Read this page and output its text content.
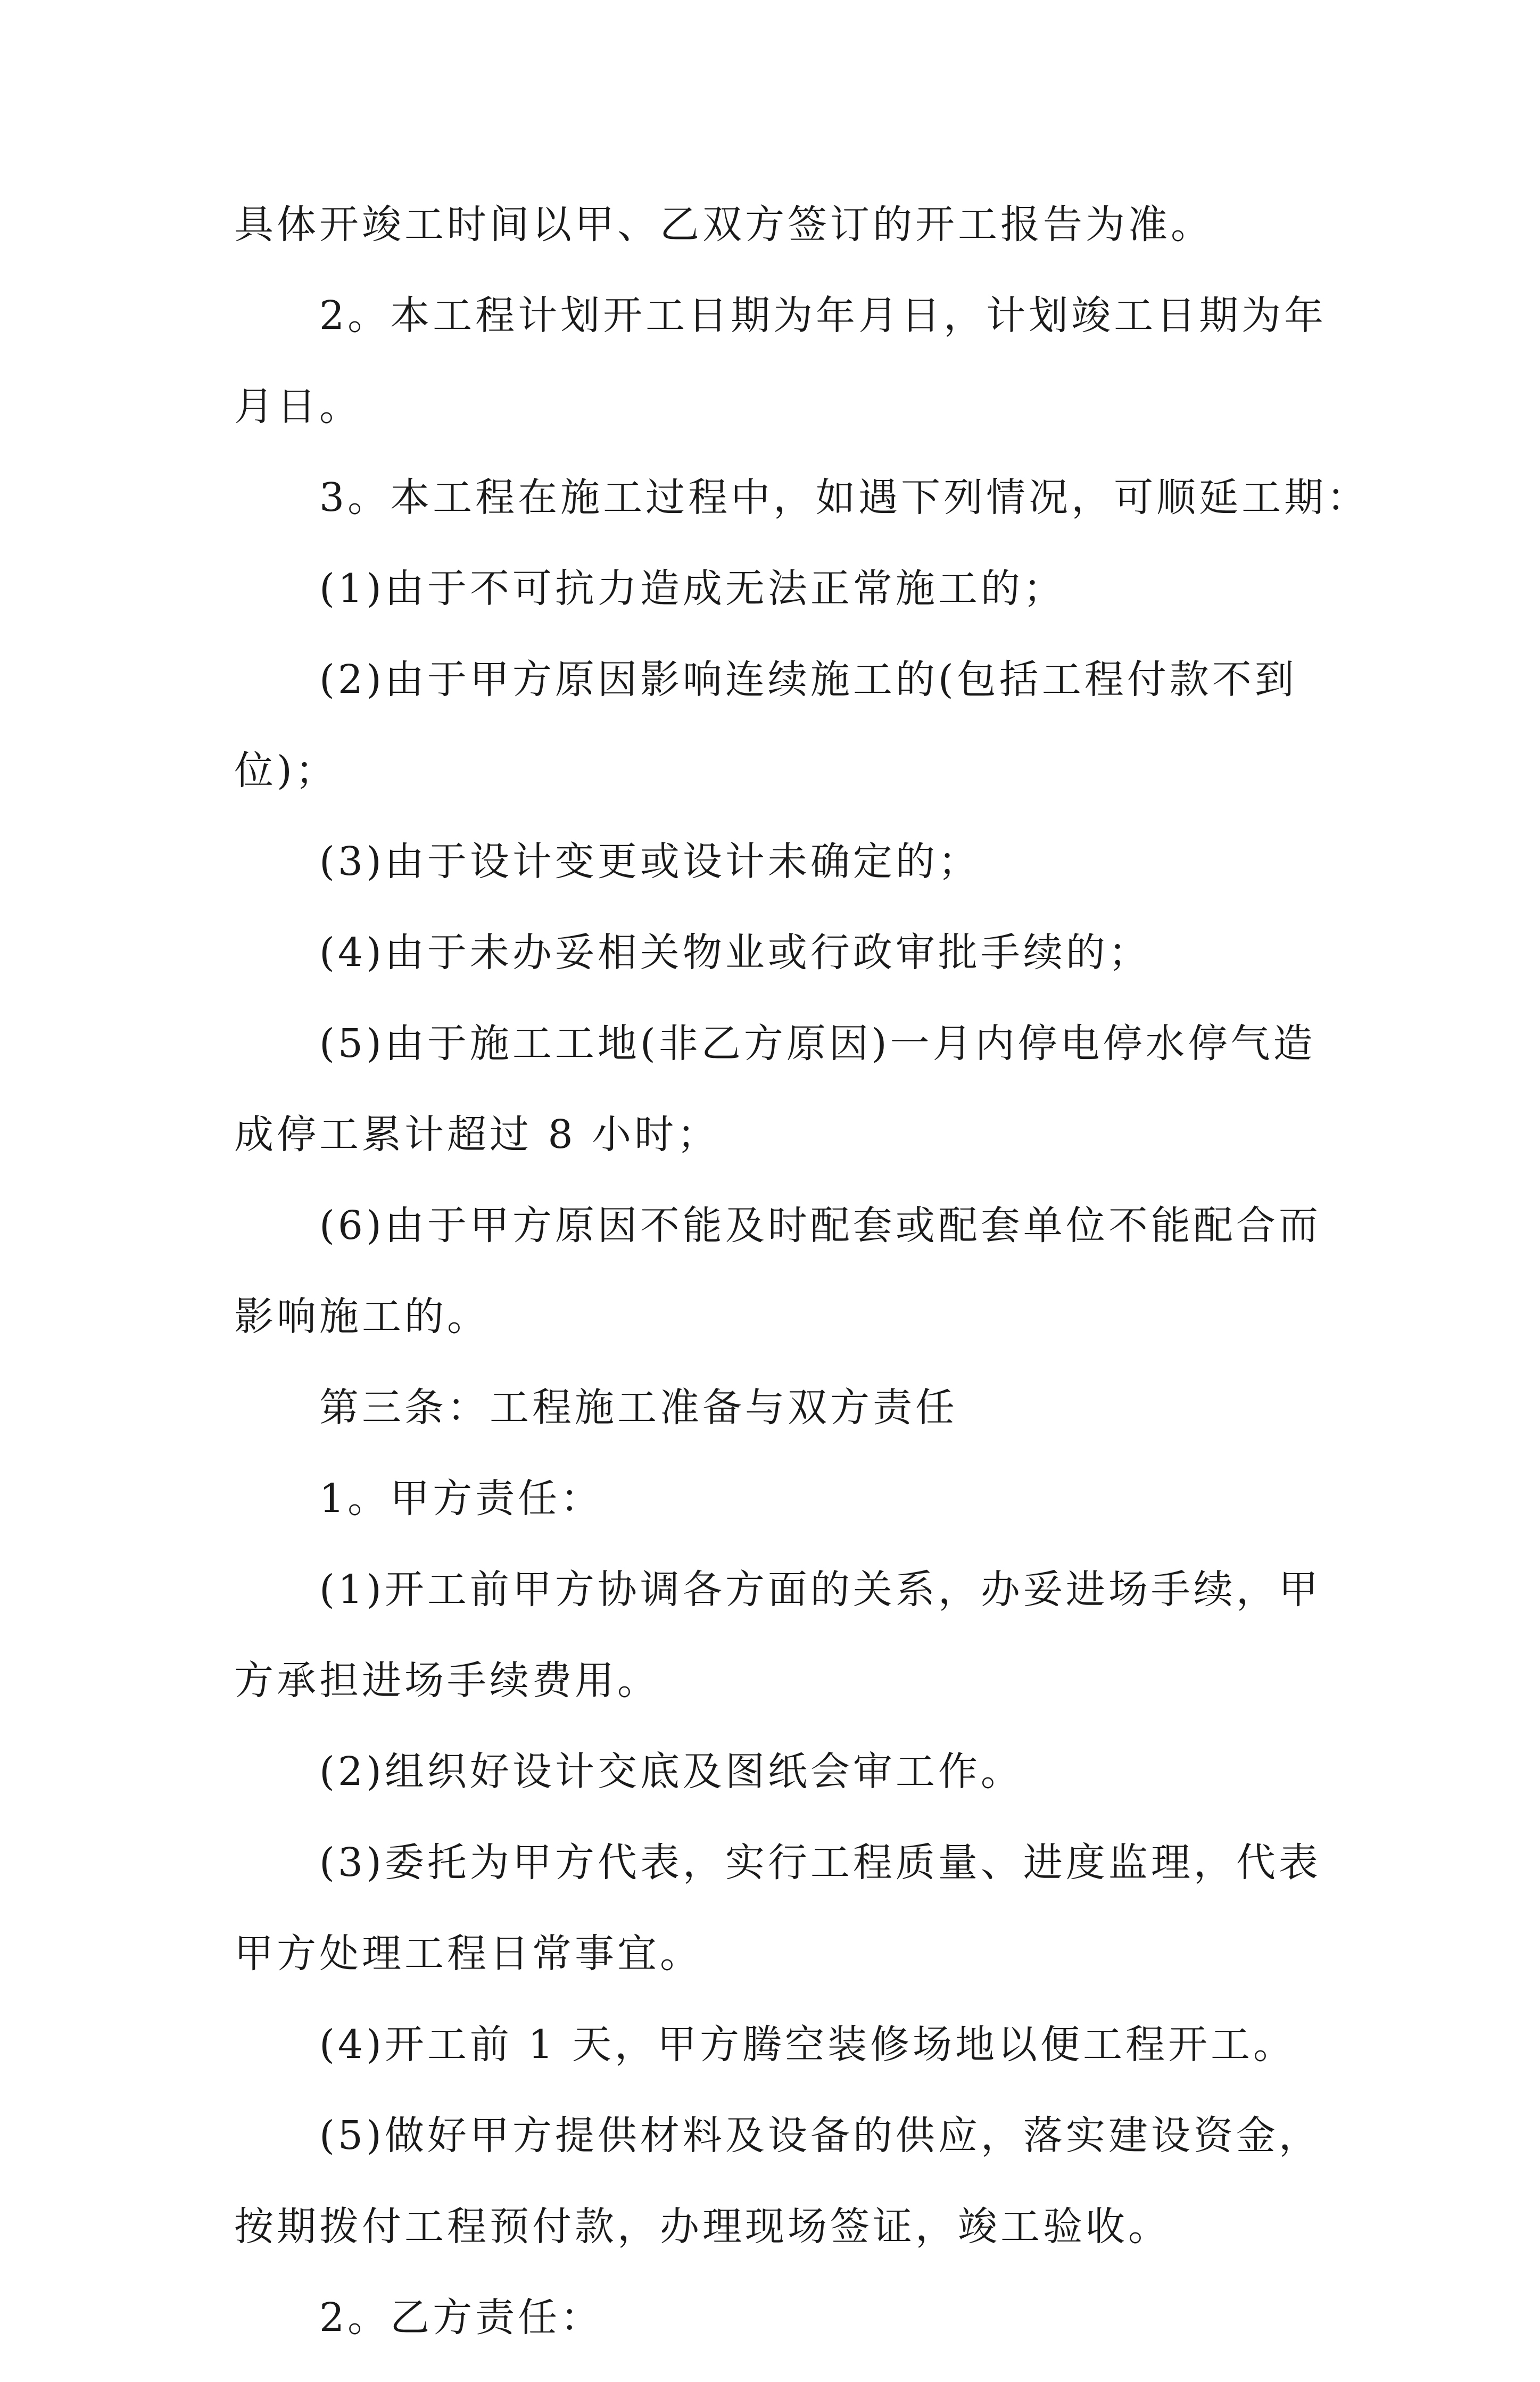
具体开竣工时间以甲、乙双方签订的开工报告为准。
2。本工程计划开工日期为年月日，计划竣工日期为年
月日。
3。本工程在施工过程中，如遇下列情况，可顺延工期：
(1)由于不可抗力造成无法正常施工的；
(2)由于甲方原因影响连续施工的(包括工程付款不到
位)；
(3)由于设计变更或设计未确定的；
(4)由于未办妥相关物业或行政审批手续的；
(5)由于施工工地(非乙方原因)一月内停电停水停气造
成停工累计超过 8 小时；
(6)由于甲方原因不能及时配套或配套单位不能配合而
影响施工的。
第三条：工程施工准备与双方责任
1。甲方责任：
(1)开工前甲方协调各方面的关系，办妥进场手续，甲
方承担进场手续费用。
(2)组织好设计交底及图纸会审工作。
(3)委托为甲方代表，实行工程质量、进度监理，代表
甲方处理工程日常事宜。
(4)开工前 1 天，甲方腾空装修场地以便工程开工。
(5)做好甲方提供材料及设备的供应，落实建设资金，
按期拨付工程预付款，办理现场签证，竣工验收。
2。乙方责任：
